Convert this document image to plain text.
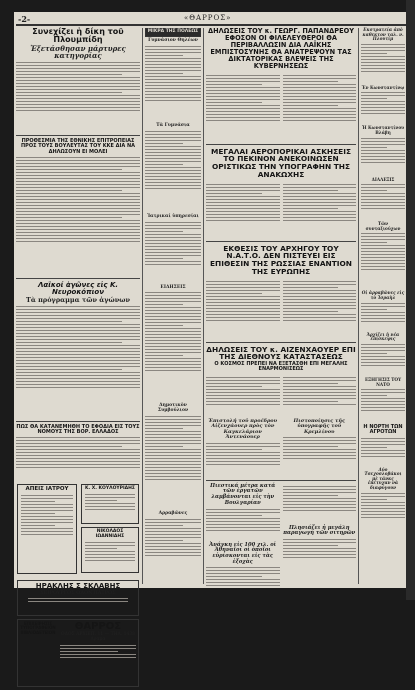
-2-	«ΘΑΡΡΟΣ»
Συνεχίζει ἡ δίκη τοῦ Πλουμπίδη
Ἐξετάσθησαν μάρτυρες κατηγορίας
ΠΡΟΘΕΣΜΙΑ ΤΗΣ ΕΘΝΙΚΗΣ ΕΠΙΤΡΟΠΕΙΑΣ ΠΡΟΣ ΤΟΥΣ ΒΟΥΛΕΥΤΑΣ ΤΟΥ ΚΚΕ ΔΙΑ ΝΑ ΔΗΛΩΣΟΥΝ ΕΙ ΜΟΛΕΙ
Λαϊκοί ἀγῶνες εἰς Κ. Νευροκόπιον
Τὰ πρόγραμμα τῶν ἀγώνων
ΠΩΣ ΘΑ ΚΑΤΑΝΕΜΗΘΗ ΤΟ ΕΦΟΔΙΑ ΕΙΣ ΤΟΥΣ ΝΟΜΟΥΣ ΤΗΣ ΒΟΡ. ΕΛΛΑΔΟΣ
ΑΠΕΙΣ ΙΑΤΡΟΥ	Κ. Χ. ΚΟΥΛΟΥΡΙΔΗΣ
ΝΙΚΟΛΑΟΣ ΙΩΑΝΝΙΔΗΣ
ΗΡΑΚΛΗΣ Σ ΣΚΛΑΒΗΣ
ΧΕΙΡΟΥΡΓΟΣ ΟΔΟΝΤΙΑΤΡΟΣ
ΕΠΙΧΕΙΡΗΣΙΣ ΤΥΠΟΓΡΑΦΕΙΟΝ ΒΙΒΛΙΟΔΕΤΕΙΟΝ	ΘΑΡΡΟΣ
ΟΔΟΣ ΑΡΧΙΕΠ. 11 — ΤΗΛ. 1438
Δραμα
ΜΙΚΡΑ ΤΗΣ ΠΟΛΕΩΣ
Γυμνάσιον Θηλέων
Τὰ Γυμνάσια
Ἰατρικαί ὑπηρεσίαι
ΕΙΔΗΣΕΙΣ
Δημοτικὸν Συμβούλιον
Αρραβῶνες
ΔΗΛΩΣΕΙΣ ΤΟΥ κ. ΓΕΩΡΓ. ΠΑΠΑΝΔΡΕΟΥ ΕΦΟΣΟΝ ΟΙ ΦΙΛΕΛΕΥΘΕΡΟΙ ΘΑ ΠΕΡΙΒΑΛΛΩΣΙΝ ΔΙΑ ΛΑΪΚΗΣ ΕΜΠΙΣΤΟΣΥΝΗΣ ΘΑ ΑΝΑΤΡΕΨΟΥΝ ΤΑΣ ΔΙΚΤΑΤΟΡΙΚΑΣ ΒΛΕΨΕΙΣ ΤΗΣ ΚΥΒΕΡΝΗΣΕΩΣ
ΜΕΓΑΛΑΙ ΑΕΡΟΠΟΡΙΚΑΙ ΑΣΚΗΣΕΙΣ ΤΟ ΠΕΚΙΝΟΝ ΑΝΕΚΟΙΝΩΣΕΝ ΟΡΙΣΤΙΚΩΣ ΤΗΝ ΥΠΟΓΡΑΦΗΝ ΤΗΣ ΑΝΑΚΩΧΗΣ
ΕΚΘΕΣΙΣ ΤΟΥ ΑΡΧΗΓΟΥ ΤΟΥ Ν.Α.Τ.Ο. ΔΕΝ ΠΙΣΤΕΥΕΙ ΕΙΣ ΕΠΙΘΕΣΙΝ ΤΗΣ ΡΩΣΣΙΑΣ ΕΝΑΝΤΙΟΝ ΤΗΣ ΕΥΡΩΠΗΣ
ΔΗΛΩΣΕΙΣ ΤΟΥ κ. ΑΙΖΕΝΧΑΟΥΕΡ ΕΠΙ ΤΗΣ ΔΙΕΘΝΟΥΣ ΚΑΤΑΣΤΑΣΕΩΣ
Ο ΚΟΣΜΟΣ ΠΡΕΠΕΙ ΝΑ ΕΞΕΤΑΣΘΗ ΕΠΙ ΜΕΓΑΛΗΣ ΕΝΑΡΜΟΝΙΣΕΩΣ
Ἐπιστολή τοῦ προέδρου Αἰζενχάουερ πρὸς τὸν Καγκελάριον Ἀντενάουερ
Πιστοποίησις τῆς ὑπογραφῆς τοῦ Κρεμλίνου
Πιεστικά μέτρα κατά τῶν ἐργατῶν λαμβάνονται εἰς τὴν Βουλγαρίαν
Ἀνάγκη εἰς 100 χιλ. οἱ Ἀθηναῖοι οἱ ὁποῖοι εὑρίσκονται εἰς τὰς ἐξοχὰς
Πλησιάζει ἡ μεγάλη παραγωγὴ τῶν σιτηρῶν
Εκστρατεία ἀπὸ καθεκτον ταλ. ν. Πλουτίμ
Ἐν Κωνσταντίνῳ
Ἡ Κωνσταντίνου Βλάβη
ΔΙΑΛΕΞΙΣ
Τῶν συνταξιούχων
Οἱ ἀρραβῶνες εἰς τὸ Ἰσραὴλ
Ἀρχίζει ἡ νέα ἐπίσκεψις
ΕΞΗΓΗΣΙΣ ΤΟΥ ΝΑΤΟ
Η ΝΟΡΤΗ ΤΩΝ ΑΓΡΟΤΩΝ
Δύο Τσεχοσλοβάκοι μὲ τάνκς ἐπέτυχαν νὰ διαφύγουν
